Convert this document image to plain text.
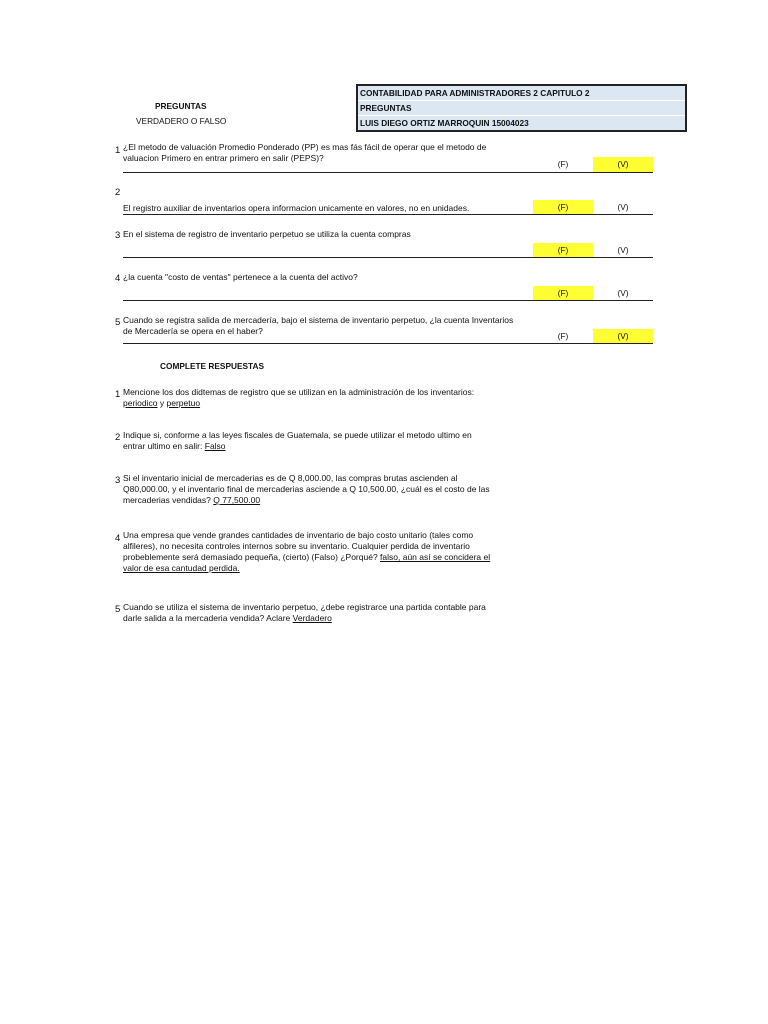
CONTABILIDAD PARA ADMINISTRADORES 2 CAPITULO 2
PREGUNTAS
LUIS DIEGO ORTIZ MARROQUIN 15004023
PREGUNTAS
VERDADERO O FALSO
1 ¿El metodo de valuación Promedio Ponderado (PP) es mas fás fácil de operar que el metodo de valuacion Primero en entrar primero en salir (PEPS)?
(F)	(V)
2
El registro auxiliar de inventarios opera informacion unicamente en valores, no en unidades.	(F)	(V)
3 En el sistema de registro de inventario perpetuo se utiliza la cuenta compras
(F)	(V)
4 ¿la cuenta "costo de ventas" pertenece a la cuenta del activo?
(F)	(V)
5 Cuando se registra salida de mercadería, bajo el sistema de inventario perpetuo, ¿la cuenta Inventarios de Mercadería se opera en el haber?	(F)	(V)
COMPLETE RESPUESTAS
1 Mencione los dos didtemas de registro que se utilizan en la administración de los inventarios:
periodico y perpetuo
2 Indique si, conforme a las leyes fiscales de Guatemala, se puede utilizar el metodo ultimo en
entrar ultimo en salir: Falso
3 Si el inventario inicial de mercaderias es de Q 8,000.00, las compras brutas ascienden al
Q80,000.00, y el inventario final de mercaderias asciende a Q 10,500.00, ¿cuál es el costo de las
mercaderias vendidas? Q 77,500.00
4 Una empresa que vende grandes cantidades de inventario de bajo costo unitario (tales como
alfileres), no necesita controles internos sobre su inventario. Cualquier perdida de inventario
probeblemente será demasiado pequeña, (cierto) (Falso) ¿Porqué? falso, aún así se concidera el
valor de esa cantudad perdida.
5 Cuando se utiliza el sistema de inventario perpetuo, ¿debe registrarce una partida contable para
darle salida a la mercaderia vendida? Aclare Verdadero
